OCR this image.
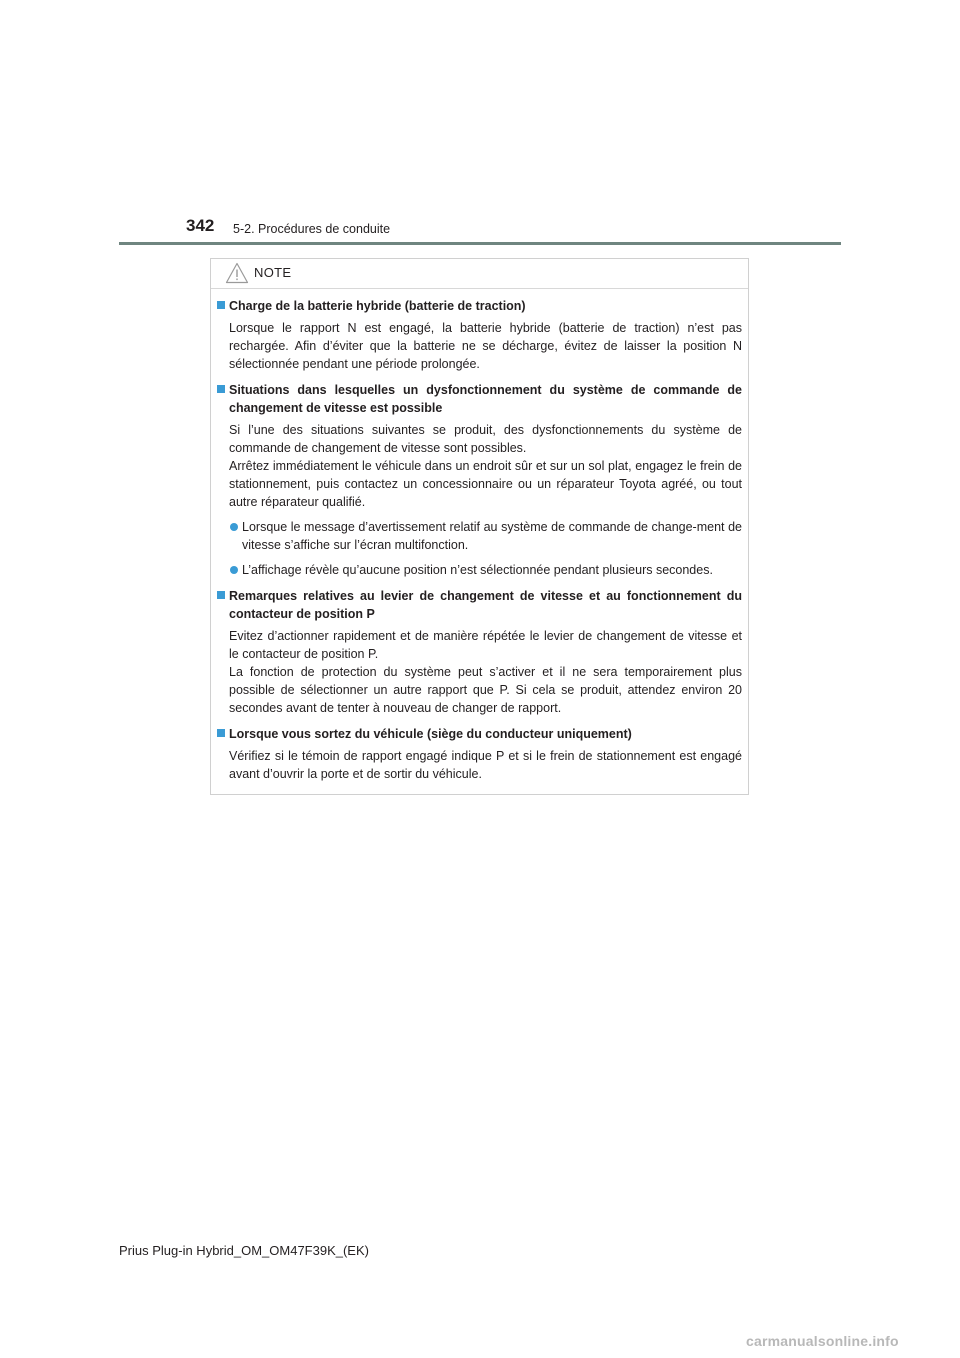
342 5-2. Procédures de conduite
NOTE
Charge de la batterie hybride (batterie de traction)

Lorsque le rapport N est engagé, la batterie hybride (batterie de traction) n’est pas rechargée. Afin d’éviter que la batterie ne se décharge, évitez de laisser la position N sélectionnée pendant une période prolongée.

Situations dans lesquelles un dysfonctionnement du système de commande de changement de vitesse est possible

Si l’une des situations suivantes se produit, des dysfonctionnements du système de commande de changement de vitesse sont possibles.

Arrêtez immédiatement le véhicule dans un endroit sûr et sur un sol plat, engagez le frein de stationnement, puis contactez un concessionnaire ou un réparateur Toyota agréé, ou tout autre réparateur qualifié.

Lorsque le message d’avertissement relatif au système de commande de change-ment de vitesse s’affiche sur l’écran multifonction.
L’affichage révèle qu’aucune position n’est sélectionnée pendant plusieurs secondes.
Remarques relatives au levier de changement de vitesse et au fonctionnement du contacteur de position P

Evitez d’actionner rapidement et de manière répétée le levier de changement de vitesse et le contacteur de position P.

La fonction de protection du système peut s’activer et il ne sera temporairement plus possible de sélectionner un autre rapport que P. Si cela se produit, attendez environ 20 secondes avant de tenter à nouveau de changer de rapport.

Lorsque vous sortez du véhicule (siège du conducteur uniquement)

Vérifiez si le témoin de rapport engagé indique P et si le frein de stationnement est engagé avant d’ouvrir la porte et de sortir du véhicule.

Prius Plug-in Hybrid_OM_OM47F39K_(EK)
carmanualsonline.info
